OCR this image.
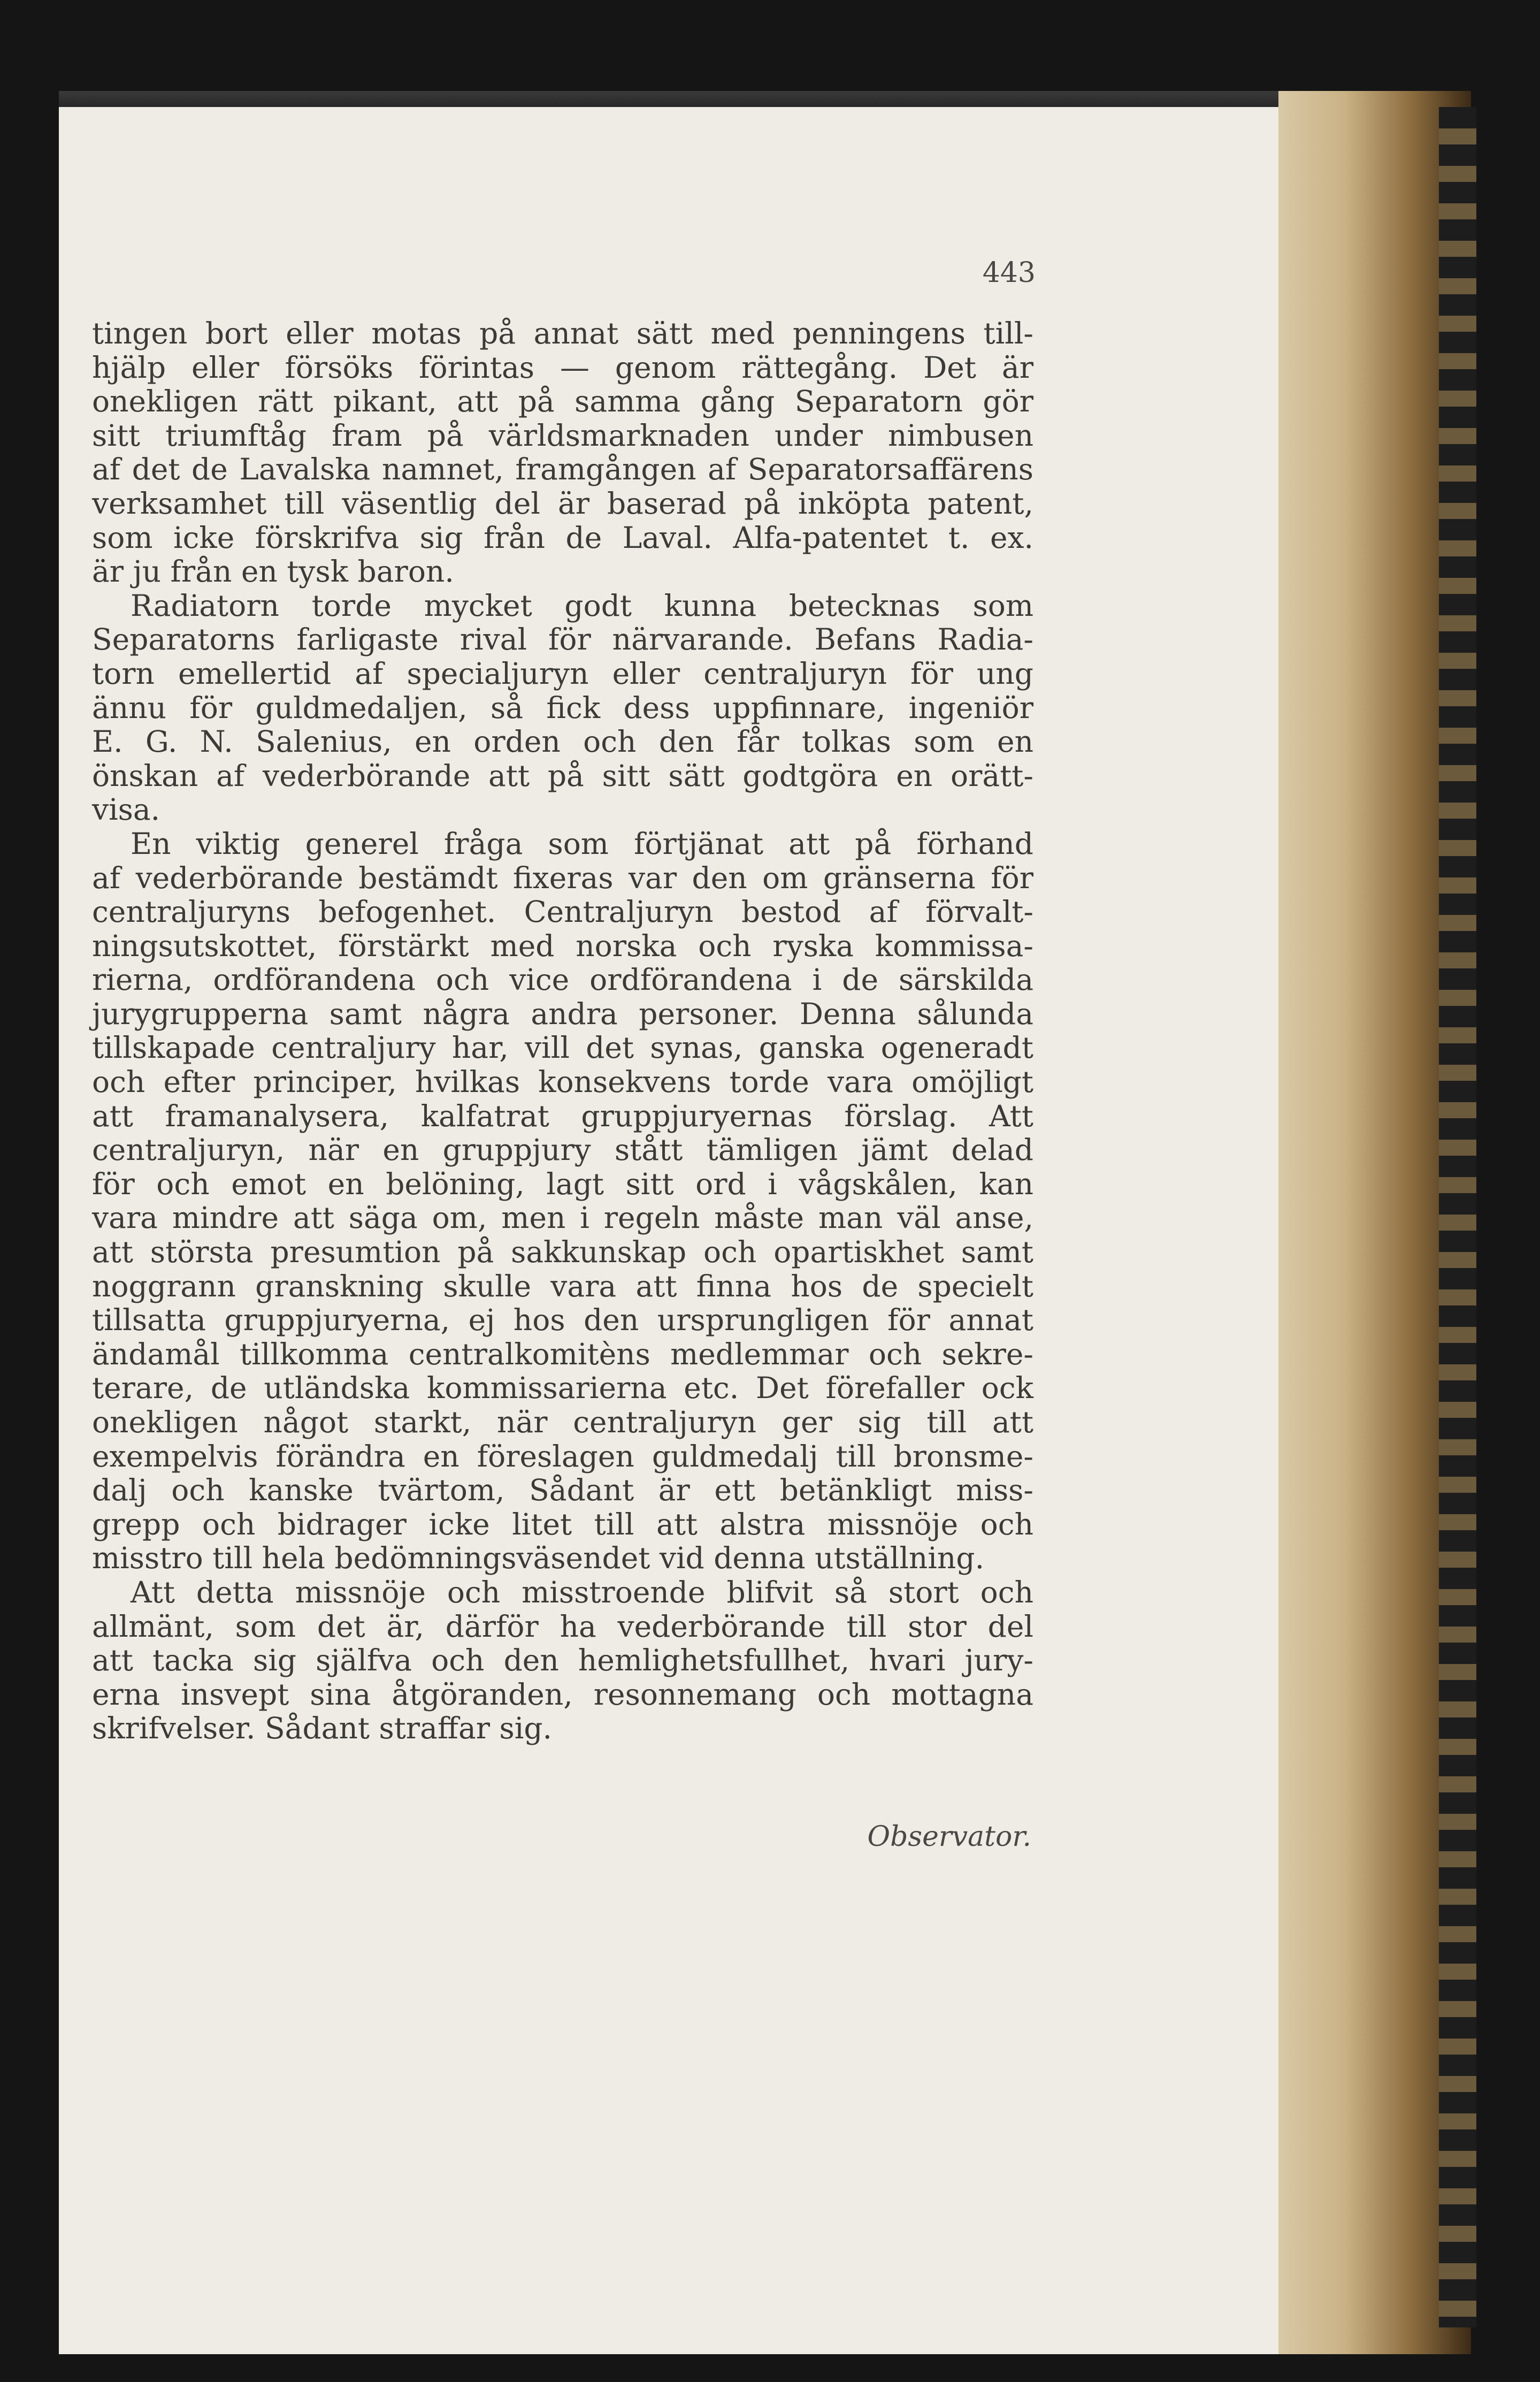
443
tingen bort eller motas på annat sätt med penningens till-
hjälp eller försöks förintas — genom rättegång. Det är
onekligen rätt pikant, att på samma gång Separatorn gör
sitt triumftåg fram på världsmarknaden under nimbusen
af det de Lavalska namnet, framgången af Separatorsaffärens
verksamhet till väsentlig del är baserad på inköpta patent,
som icke förskrifva sig från de Laval. Alfa-patentet t. ex.
är ju från en tysk baron.
Radiatorn torde mycket godt kunna betecknas som
Separatorns farligaste rival för närvarande. Befans Radia-
torn emellertid af specialjuryn eller centraljuryn för ung
ännu för guldmedaljen, så fick dess uppfinnare, ingeniör
E. G. N. Salenius, en orden och den får tolkas som en
önskan af vederbörande att på sitt sätt godtgöra en orätt-
visa.
En viktig generel fråga som förtjänat att på förhand
af vederbörande bestämdt fixeras var den om gränserna för
centraljuryns befogenhet. Centraljuryn bestod af förvalt-
ningsutskottet, förstärkt med norska och ryska kommissa-
rierna, ordförandena och vice ordförandena i de särskilda
jurygrupperna samt några andra personer. Denna sålunda
tillskapade centraljury har, vill det synas, ganska ogeneradt
och efter principer, hvilkas konsekvens torde vara omöjligt
att framanalysera, kalfatrat gruppjuryernas förslag. Att
centraljuryn, när en gruppjury stått tämligen jämt delad
för och emot en belöning, lagt sitt ord i vågskålen, kan
vara mindre att säga om, men i regeln måste man väl anse,
att största presumtion på sakkunskap och opartiskhet samt
noggrann granskning skulle vara att finna hos de specielt
tillsatta gruppjuryerna, ej hos den ursprungligen för annat
ändamål tillkomma centralkomitèns medlemmar och sekre-
terare, de utländska kommissarierna etc. Det förefaller ock
onekligen något starkt, när centraljuryn ger sig till att
exempelvis förändra en föreslagen guldmedalj till bronsme-
dalj och kanske tvärtom, Sådant är ett betänkligt miss-
grepp och bidrager icke litet till att alstra missnöje och
misstro till hela bedömningsväsendet vid denna utställning.
Att detta missnöje och misstroende blifvit så stort och
allmänt, som det är, därför ha vederbörande till stor del
att tacka sig själfva och den hemlighetsfullhet, hvari jury-
erna insvept sina åtgöranden, resonnemang och mottagna
skrifvelser. Sådant straffar sig.
Observator.
